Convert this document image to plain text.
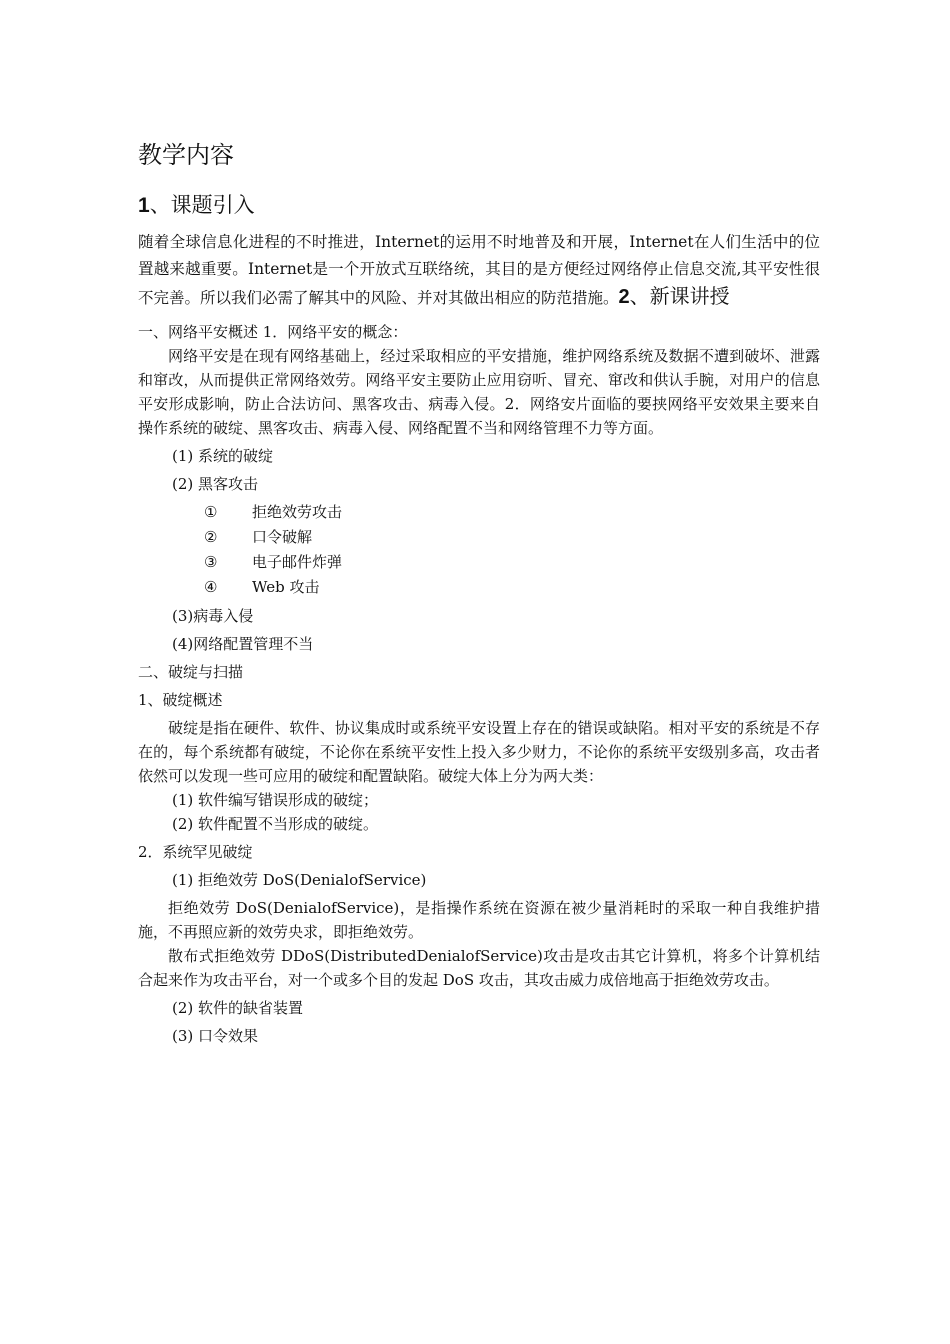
教学内容
1、课题引入

随着全球信息化进程的不时推进，Internet的运用不时地普及和开展，Internet在人们生活中的位置越来越重要。Internet是一个开放式互联络统，其目的是方便经过网络停止信息交流,其平安性很不完善。所以我们必需了解其中的风险、并对其做出相应的防范措施。2、新课讲授

一、网络平安概述 1．网络平安的概念：

网络平安是在现有网络基础上，经过采取相应的平安措施，维护网络系统及数据不遭到破坏、泄露和窜改，从而提供正常网络效劳。网络平安主要防止应用窃听、冒充、窜改和供认手腕，对用户的信息平安形成影响，防止合法访问、黑客攻击、病毒入侵。2．网络安片面临的要挟网络平安效果主要来自操作系统的破绽、黑客攻击、病毒入侵、网络配置不当和网络管理不力等方面。

(1) 系统的破绽

(2) 黑客攻击

①	拒绝效劳攻击
②	口令破解
③	电子邮件炸弹
④	Web 攻击

(3)病毒入侵

(4)网络配置管理不当

二、破绽与扫描

1、破绽概述

破绽是指在硬件、软件、协议集成时或系统平安设置上存在的错误或缺陷。相对平安的系统是不存在的，每个系统都有破绽，不论你在系统平安性上投入多少财力，不论你的系统平安级别多高，攻击者依然可以发现一些可应用的破绽和配置缺陷。破绽大体上分为两大类：

(1) 软件编写错误形成的破绽；

(2) 软件配置不当形成的破绽。

2．系统罕见破绽

(1) 拒绝效劳 DoS(DenialofService)

拒绝效劳 DoS(DenialofService)，是指操作系统在资源在被少量消耗时的采取一种自我维护措施，不再照应新的效劳央求，即拒绝效劳。

散布式拒绝效劳 DDoS(DistributedDenialofService)攻击是攻击其它计算机，将多个计算机结合起来作为攻击平台，对一个或多个目的发起 DoS 攻击，其攻击威力成倍地高于拒绝效劳攻击。

(2) 软件的缺省装置

(3) 口令效果
